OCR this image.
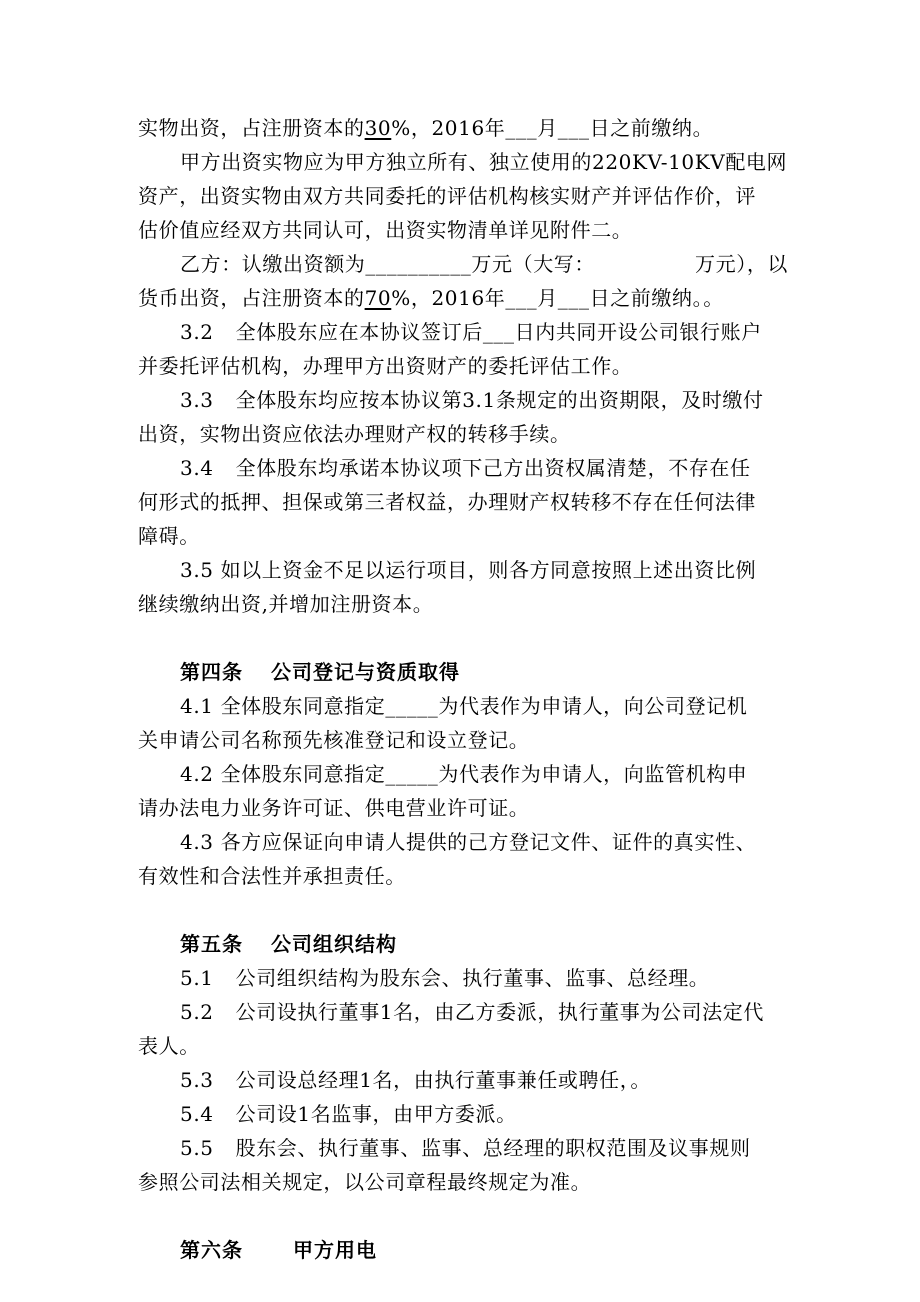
实物出资，占注册资本的30%，2016年___月___日之前缴纳。
甲方出资实物应为甲方独立所有、独立使用的220KV-10KV配电网
资产，出资实物由双方共同委托的评估机构核实财产并评估作价，评
估价值应经双方共同认可，出资实物清单详见附件二。
乙方：认缴出资额为__________万元（大写：	万元），以
货币出资，占注册资本的70%，2016年___月___日之前缴纳。。
3.2 全体股东应在本协议签订后___日内共同开设公司银行账户
并委托评估机构，办理甲方出资财产的委托评估工作。
3.3 全体股东均应按本协议第3.1条规定的出资期限，及时缴付
出资，实物出资应依法办理财产权的转移手续。
3.4 全体股东均承诺本协议项下己方出资权属清楚，不存在任
何形式的抵押、担保或第三者权益，办理财产权转移不存在任何法律
障碍。
3.5 如以上资金不足以运行项目，则各方同意按照上述出资比例
继续缴纳出资,并增加注册资本。
第四条 公司登记与资质取得
4.1 全体股东同意指定_____为代表作为申请人，向公司登记机
关申请公司名称预先核准登记和设立登记。
4.2 全体股东同意指定_____为代表作为申请人，向监管机构申
请办法电力业务许可证、供电营业许可证。
4.3 各方应保证向申请人提供的己方登记文件、证件的真实性、
有效性和合法性并承担责任。
第五条 公司组织结构
5.1 公司组织结构为股东会、执行董事、监事、总经理。
5.2 公司设执行董事1名，由乙方委派，执行董事为公司法定代
表人。
5.3 公司设总经理1名，由执行董事兼任或聘任，。
5.4 公司设1名监事，由甲方委派。
5.5 股东会、执行董事、监事、总经理的职权范围及议事规则
参照公司法相关规定，以公司章程最终规定为准。
第六条	甲方用电
